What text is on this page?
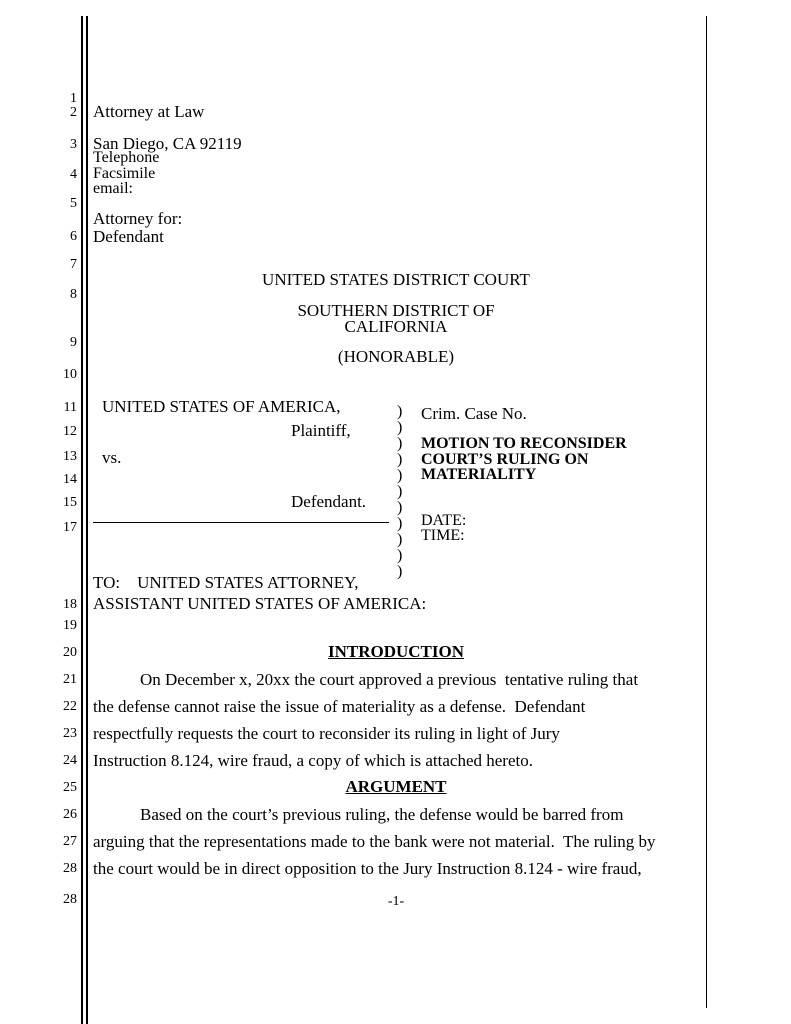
1
2
3
4
5
6
7
8
9
10
11
12
13
14
15
17
18
19
20
21
22
23
24
25
26
27
28
28
Attorney at Law
San Diego, CA 92119
Telephone
Facsimile
email:
Attorney for:
Defendant
UNITED STATES DISTRICT COURT
SOUTHERN DISTRICT OF
CALIFORNIA
(HONORABLE)
UNITED STATES OF AMERICA,
Plaintiff,
vs.
Defendant.
)
)
)
)
)
)
)
)
)
)
)
Crim. Case No.
MOTION TO RECONSIDER
COURT’S RULING ON
MATERIALITY
DATE:
TIME:
TO:    UNITED STATES ATTORNEY,
ASSISTANT UNITED STATES OF AMERICA:
INTRODUCTION
On December x, 20xx the court approved a previous  tentative ruling that
the defense cannot raise the issue of materiality as a defense.  Defendant
respectfully requests the court to reconsider its ruling in light of Jury
Instruction 8.124, wire fraud, a copy of which is attached hereto.
ARGUMENT
Based on the court’s previous ruling, the defense would be barred from
arguing that the representations made to the bank were not material.  The ruling by
the court would be in direct opposition to the Jury Instruction 8.124 - wire fraud,
-1-
